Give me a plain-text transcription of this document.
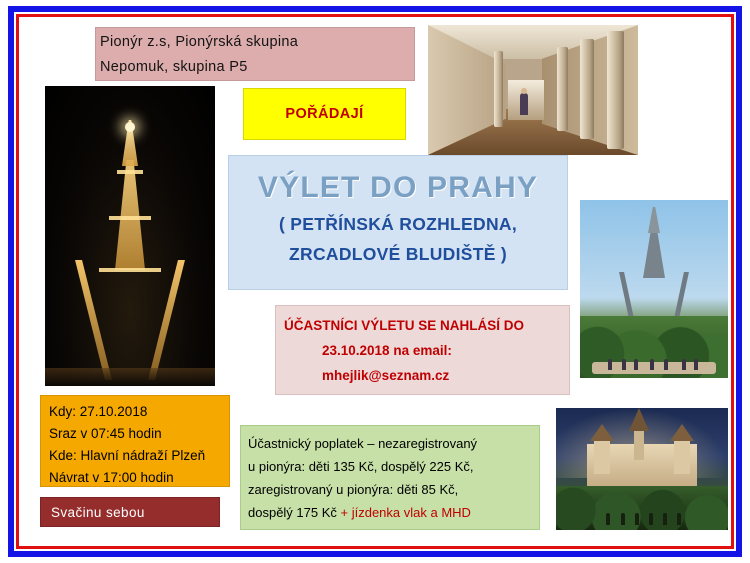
Pionýr z.s, Pionýrská skupina
Nepomuk, skupina P5
POŘÁDAJÍ
VÝLET DO PRAHY
( PETŘÍNSKÁ ROZHLEDNA,
ZRCADLOVÉ BLUDIŠTĚ )
ÚČASTNÍCI VÝLETU SE NAHLÁSÍ DO
23.10.2018 na email:
mhejlik@seznam.cz
Kdy: 27.10.2018
Sraz v 07:45 hodin
Kde: Hlavní nádraží Plzeň
Návrat v 17:00 hodin
Svačinu sebou
Účastnický poplatek – nezaregistrovaný
u pionýra: děti 135 Kč, dospělý 225 Kč,
zaregistrovaný u pionýra: děti 85 Kč,
dospělý 175 Kč + jízdenka vlak a MHD
